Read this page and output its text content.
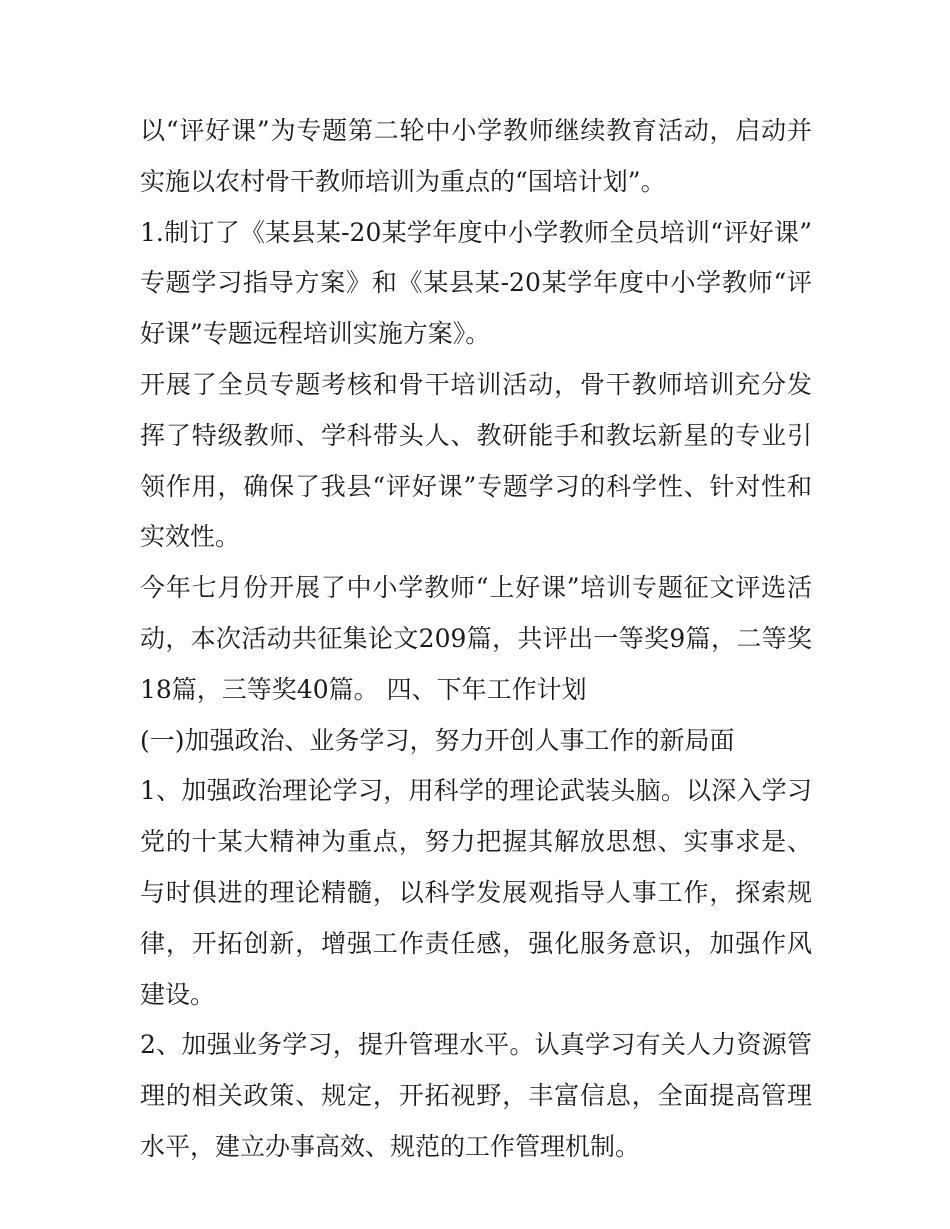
以“评好课”为专题第二轮中小学教师继续教育活动，启动并实施以农村骨干教师培训为重点的“国培计划”。

1.制订了《某县某-20某学年度中小学教师全员培训“评好课”专题学习指导方案》和《某县某-20某学年度中小学教师“评好课”专题远程培训实施方案》。

开展了全员专题考核和骨干培训活动，骨干教师培训充分发挥了特级教师、学科带头人、教研能手和教坛新星的专业引领作用，确保了我县“评好课”专题学习的科学性、针对性和实效性。

今年七月份开展了中小学教师“上好课”培训专题征文评选活动，本次活动共征集论文209篇，共评出一等奖9篇，二等奖18篇，三等奖40篇。 四、下年工作计划

(一)加强政治、业务学习，努力开创人事工作的新局面

1、加强政治理论学习，用科学的理论武装头脑。以深入学习党的十某大精神为重点，努力把握其解放思想、实事求是、与时俱进的理论精髓，以科学发展观指导人事工作，探索规律，开拓创新，增强工作责任感，强化服务意识，加强作风建设。

2、加强业务学习，提升管理水平。认真学习有关人力资源管理的相关政策、规定，开拓视野，丰富信息，全面提高管理水平，建立办事高效、规范的工作管理机制。
